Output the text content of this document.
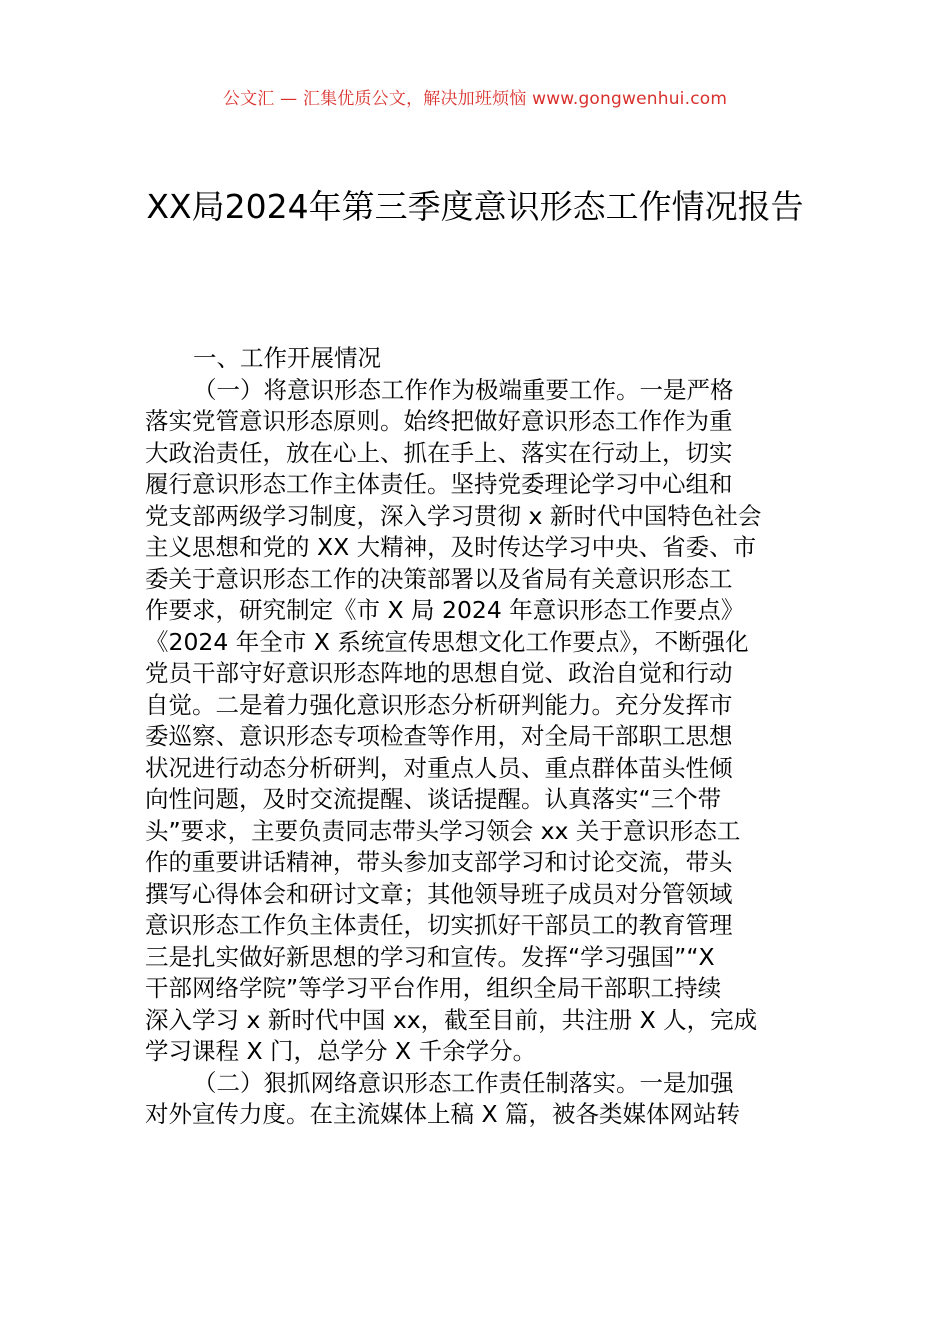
公文汇 — 汇集优质公文，解决加班烦恼 www.gongwenhui.com
XX局2024年第三季度意识形态工作情况报告

一、工作开展情况

（一）将意识形态工作作为极端重要工作。一是严格
落实党管意识形态原则。始终把做好意识形态工作作为重
大政治责任，放在心上、抓在手上、落实在行动上，切实
履行意识形态工作主体责任。坚持党委理论学习中心组和
党支部两级学习制度，深入学习贯彻 x 新时代中国特色社会
主义思想和党的 XX 大精神，及时传达学习中央、省委、市
委关于意识形态工作的决策部署以及省局有关意识形态工
作要求，研究制定《市 X 局 2024 年意识形态工作要点》
《2024 年全市 X 系统宣传思想文化工作要点》，不断强化
党员干部守好意识形态阵地的思想自觉、政治自觉和行动
自觉。二是着力强化意识形态分析研判能力。充分发挥市
委巡察、意识形态专项检查等作用，对全局干部职工思想
状况进行动态分析研判，对重点人员、重点群体苗头性倾
向性问题，及时交流提醒、谈话提醒。认真落实“三个带
头”要求，主要负责同志带头学习领会 xx 关于意识形态工
作的重要讲话精神，带头参加支部学习和讨论交流，带头
撰写心得体会和研讨文章；其他领导班子成员对分管领域
意识形态工作负主体责任，切实抓好干部员工的教育管理
三是扎实做好新思想的学习和宣传。发挥“学习强国”“X
干部网络学院”等学习平台作用，组织全局干部职工持续
深入学习 x 新时代中国 xx，截至目前，共注册 X 人，完成
学习课程 X 门，总学分 X 千余学分。

（二）狠抓网络意识形态工作责任制落实。一是加强
对外宣传力度。在主流媒体上稿 X 篇，被各类媒体网站转
